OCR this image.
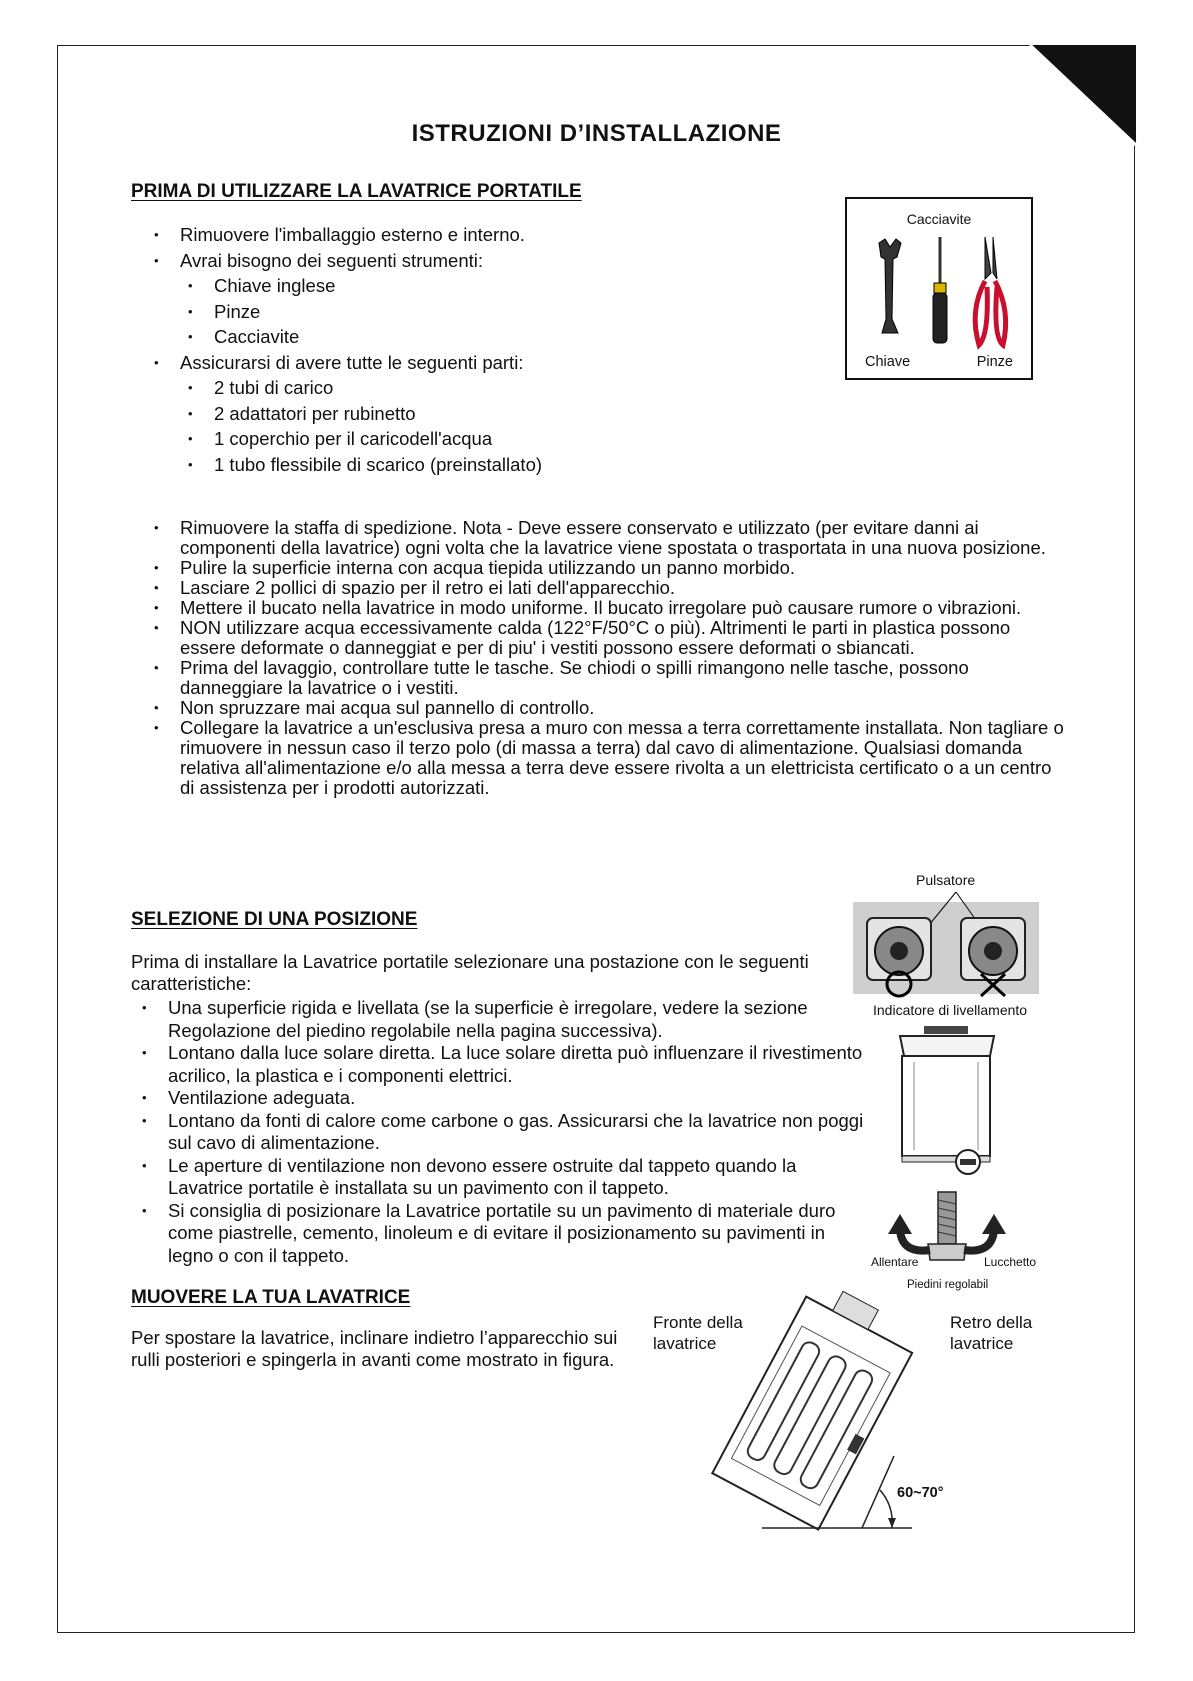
ISTRUZIONI D’INSTALLAZIONE
PRIMA DI UTILIZZARE LA LAVATRICE PORTATILE
• Rimuovere l'imballaggio esterno e interno.
• Avrai bisogno dei seguenti strumenti:
• Chiave inglese
• Pinze
• Cacciavite
• Assicurarsi di avere tutte le seguenti parti:
• 2 tubi di carico
• 2 adattatori per rubinetto
• 1 coperchio per il caricodell'acqua
• 1 tubo flessibile di scarico (preinstallato)
Cacciavite
Chiave	Pinze
• Rimuovere la staffa di spedizione. Nota - Deve essere conservato e utilizzato (per evitare danni ai componenti della lavatrice) ogni volta che la lavatrice viene spostata o trasportata in una nuova posizione.
• Pulire la superficie interna con acqua tiepida utilizzando un panno morbido.
• Lasciare 2 pollici di spazio per il retro ei lati dell'apparecchio.
• Mettere il bucato nella lavatrice in modo uniforme. Il bucato irregolare può causare rumore o vibrazioni.
• NON utilizzare acqua eccessivamente calda (122°F/50°C o più). Altrimenti le parti in plastica possono essere deformate o danneggiat e per di piu' i vestiti possono essere deformati o sbiancati.
• Prima del lavaggio, controllare tutte le tasche. Se chiodi o spilli rimangono nelle tasche, possono danneggiare la lavatrice o i vestiti.
• Non spruzzare mai acqua sul pannello di controllo.
• Collegare la lavatrice a un'esclusiva presa a muro con messa a terra correttamente installata. Non tagliare o rimuovere in nessun caso il terzo polo (di massa a terra) dal cavo di alimentazione. Qualsiasi domanda relativa all'alimentazione e/o alla messa a terra deve essere rivolta a un elettricista certificato o a un centro di assistenza per i prodotti autorizzati.
SELEZIONE DI UNA POSIZIONE
Prima di installare la Lavatrice portatile selezionare una postazione con le seguenti caratteristiche:
• Una superficie rigida e livellata (se la superficie è irregolare, vedere la sezione Regolazione del piedino regolabile nella pagina successiva).
• Lontano dalla luce solare diretta. La luce solare diretta può influenzare il rivestimento acrilico, la plastica e i componenti elettrici.
• Ventilazione adeguata.
• Lontano da fonti di calore come carbone o gas. Assicurarsi che la lavatrice non poggi sul cavo di alimentazione.
• Le aperture di ventilazione non devono essere ostruite dal tappeto quando la Lavatrice portatile è installata su un pavimento con il tappeto.
• Si consiglia di posizionare la Lavatrice portatile su un pavimento di materiale duro come piastrelle, cemento, linoleum e di evitare il posizionamento su pavimenti in legno o con il tappeto.
Pulsatore
Indicatore di livellamento
Allentare	Lucchetto
Piedini regolabil
MUOVERE LA TUA LAVATRICE
Per spostare la lavatrice, inclinare indietro l’apparecchio sui rulli posteriori e spingerla in avanti come mostrato in figura.
Fronte della lavatrice
Retro della lavatrice
60~70°
